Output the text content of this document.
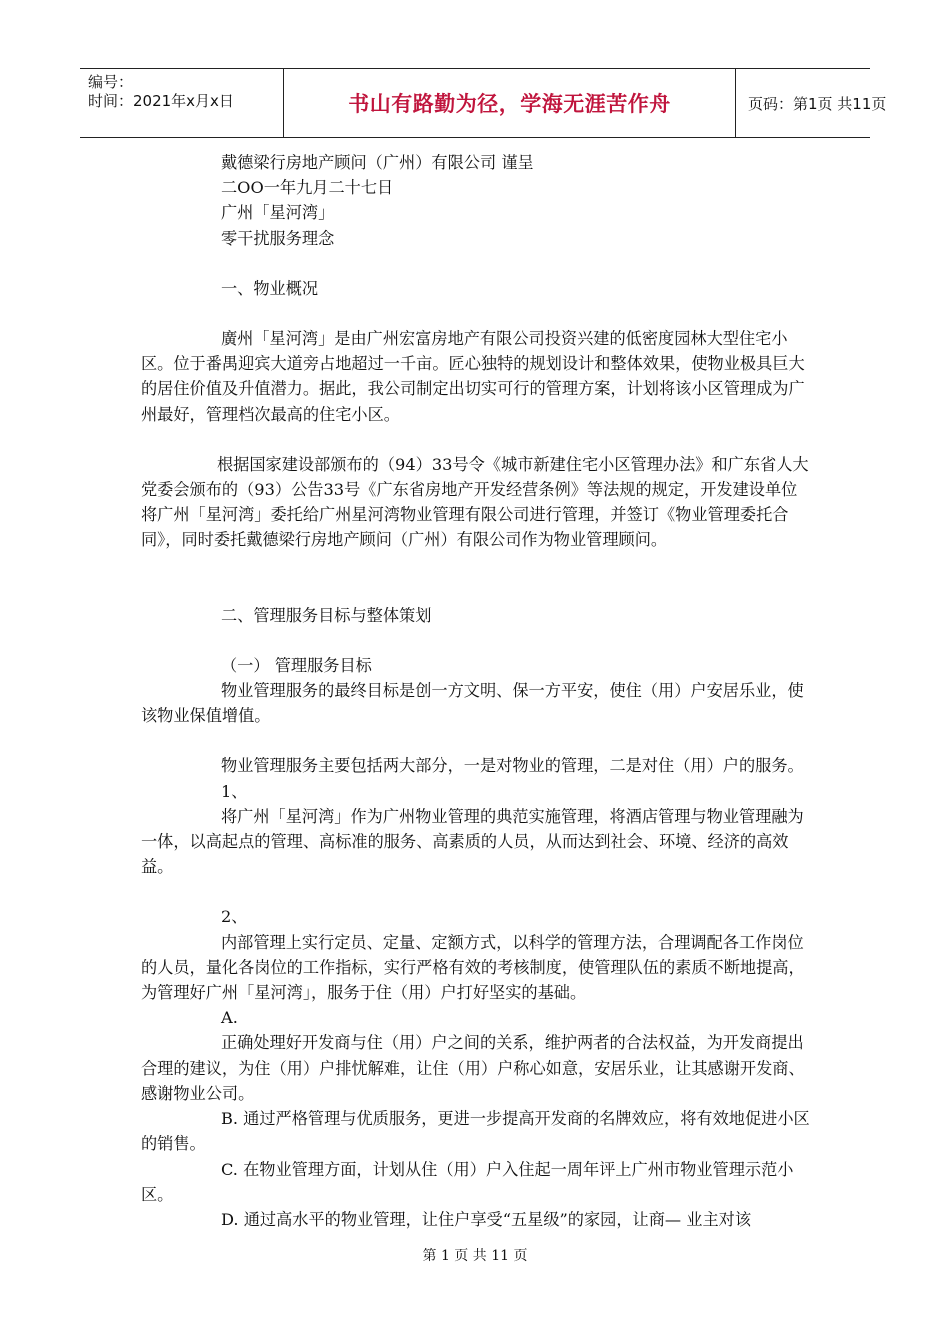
编号：
时间：2021年x月x日	书山有路勤为径，学海无涯苦作舟	页码：第1页 共11页

戴德梁行房地产顾问（广州）有限公司 谨呈

二OO一年九月二十七日

广州「星河湾」

零干扰服务理念

一、物业概况

廣州「星河湾」是由广州宏富房地产有限公司投资兴建的低密度园林大型住宅小区。位于番禺迎宾大道旁占地超过一千亩。匠心独特的规划设计和整体效果，使物业极具巨大的居住价值及升值潜力。据此，我公司制定出切实可行的管理方案，计划将该小区管理成为广州最好，管理档次最高的住宅小区。

根据国家建设部颁布的（94）33号令《城市新建住宅小区管理办法》和广东省人大党委会颁布的（93）公告33号《广东省房地产开发经营条例》等法规的规定，开发建设单位将广州「星河湾」委托给广州星河湾物业管理有限公司进行管理，并签订《物业管理委托合同》，同时委托戴德梁行房地产顾问（广州）有限公司作为物业管理顾问。

二、管理服务目标与整体策划

（一） 管理服务目标

物业管理服务的最终目标是创一方文明、保一方平安，使住（用）户安居乐业，使该物业保值增值。

物业管理服务主要包括两大部分，一是对物业的管理，二是对住（用）户的服务。

1、

将广州「星河湾」作为广州物业管理的典范实施管理，将酒店管理与物业管理融为一体，以高起点的管理、高标准的服务、高素质的人员，从而达到社会、环境、经济的高效益。

2、

内部管理上实行定员、定量、定额方式，以科学的管理方法，合理调配各工作岗位的人员，量化各岗位的工作指标，实行严格有效的考核制度，使管理队伍的素质不断地提高，为管理好广州「星河湾」，服务于住（用）户打好坚实的基础。

A.

正确处理好开发商与住（用）户之间的关系，维护两者的合法权益，为开发商提出合理的建议，为住（用）户排忧解难，让住（用）户称心如意，安居乐业，让其感谢开发商、感谢物业公司。

B. 通过严格管理与优质服务，更进一步提高开发商的名牌效应，将有效地促进小区的销售。

C. 在物业管理方面，计划从住（用）户入住起一周年评上广州市物业管理示范小区。

D. 通过高水平的物业管理，让住户享受“五星级”的家园，让商— 业主对该

第 1 页 共 11 页
